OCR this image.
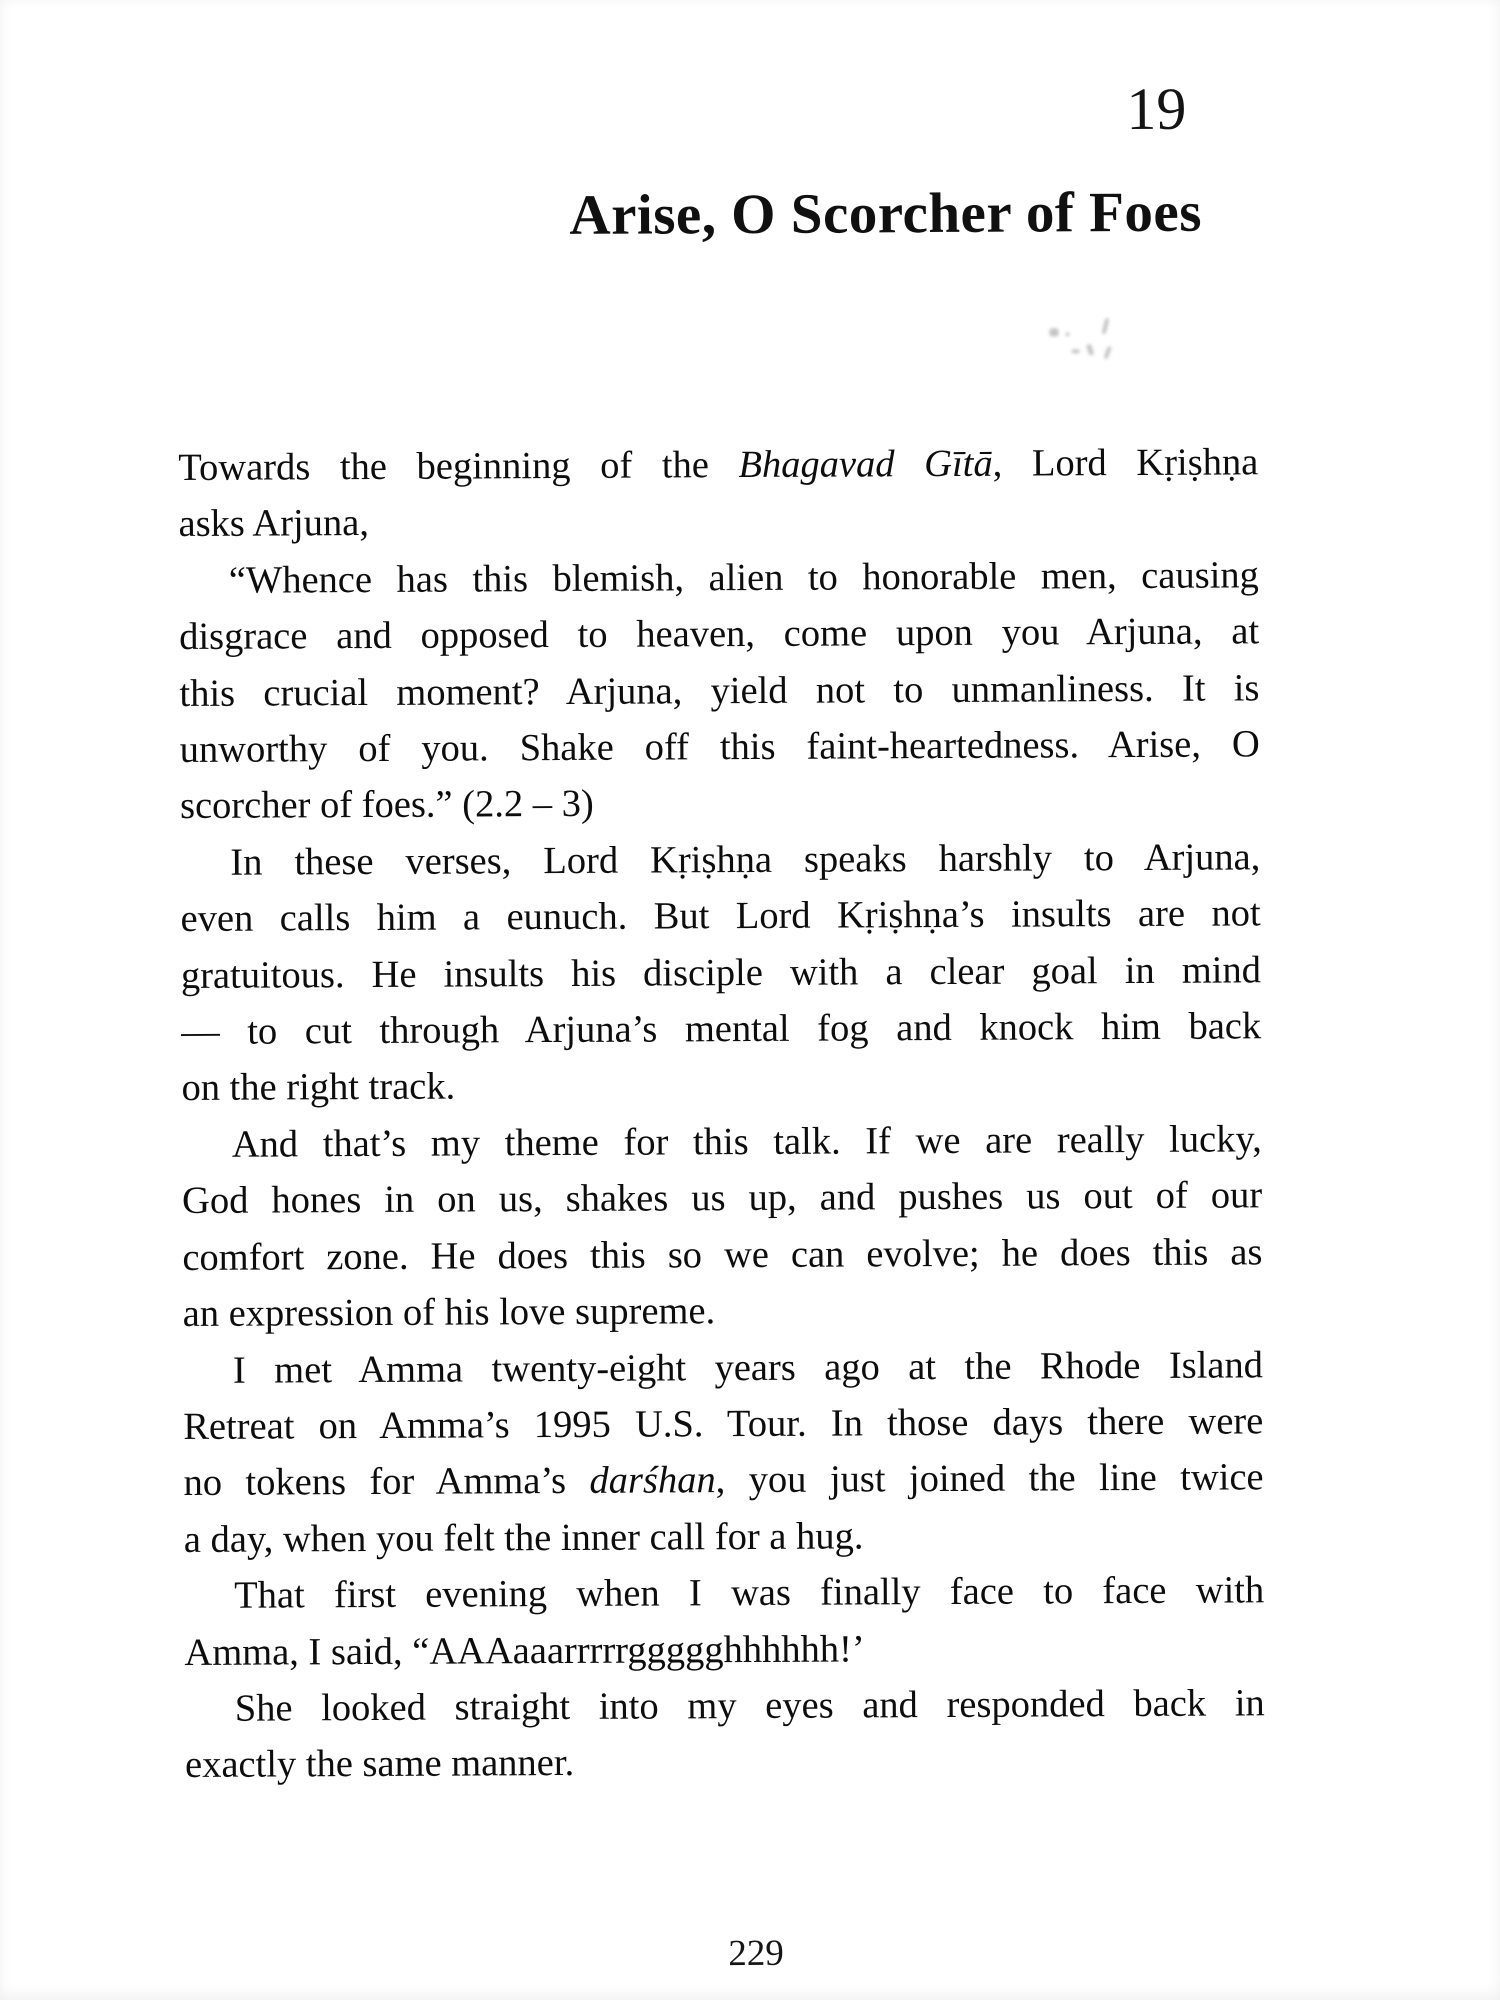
19
Arise, O Scorcher of Foes
Towards the beginning of the Bhagavad Gītā, Lord Kṛiṣhṇa
asks Arjuna,
“Whence has this blemish, alien to honorable men, causing
disgrace and opposed to heaven, come upon you Arjuna, at
this crucial moment? Arjuna, yield not to unmanliness. It is
unworthy of you. Shake off this faint-heartedness. Arise, O
scorcher of foes.” (2.2 – 3)
In these verses, Lord Kṛiṣhṇa speaks harshly to Arjuna,
even calls him a eunuch. But Lord Kṛiṣhṇa’s insults are not
gratuitous. He insults his disciple with a clear goal in mind
— to cut through Arjuna’s mental fog and knock him back
on the right track.
And that’s my theme for this talk. If we are really lucky,
God hones in on us, shakes us up, and pushes us out of our
comfort zone. He does this so we can evolve; he does this as
an expression of his love supreme.
I met Amma twenty-eight years ago at the Rhode Island
Retreat on Amma’s 1995 U.S. Tour. In those days there were
no tokens for Amma’s darśhan, you just joined the line twice
a day, when you felt the inner call for a hug.
That first evening when I was finally face to face with
Amma, I said, “AAAaaarrrrrggggghhhhhh!’
She looked straight into my eyes and responded back in
exactly the same manner.
229
